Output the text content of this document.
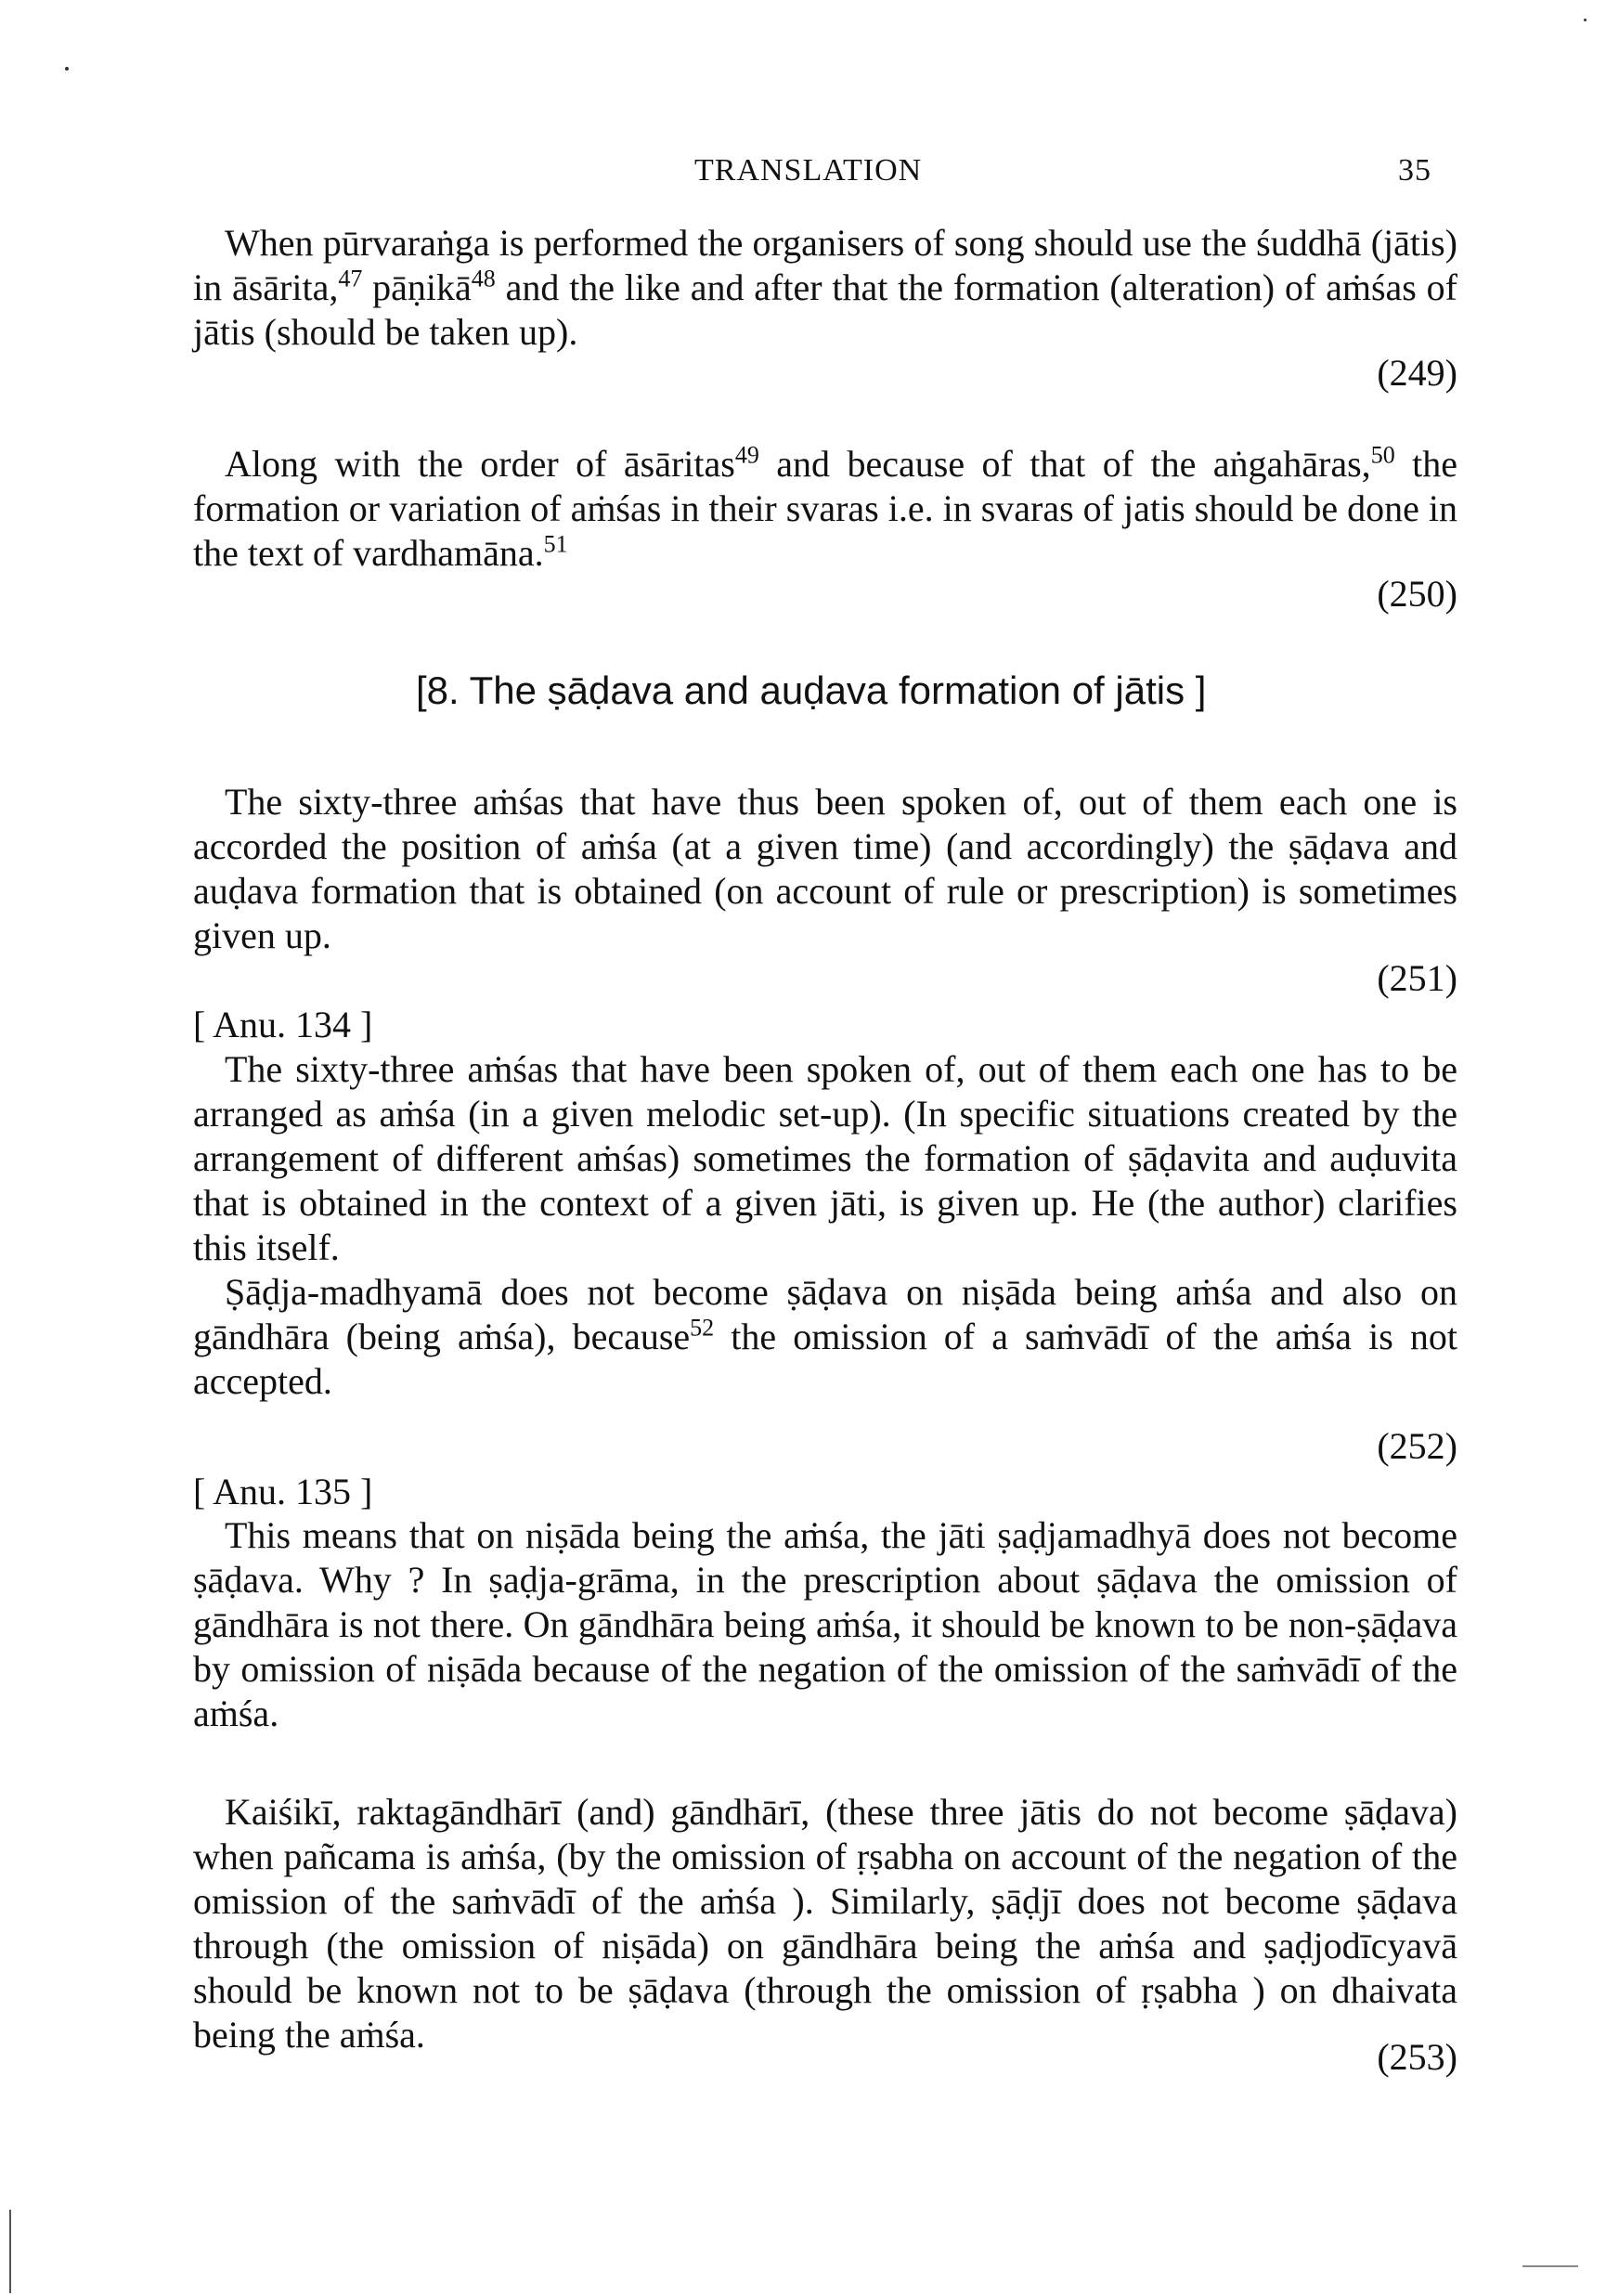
TRANSLATION	35

When pūrvaraṅga is performed the organisers of song should use the śuddhā (jātis) in āsārita,$^{47}$ pāṇikā$^{48}$ and the like and after that the formation (alteration) of aṁśas of jātis (should be taken up).

(249)

Along with the order of āsāritas$^{49}$ and because of that of the aṅgahāras,$^{50}$ the formation or variation of aṁśas in their svaras i.e. in svaras of jatis should be done in the text of vardhamāna.$^{51}$

(250)
[8. The ṣāḍava and auḍava formation of jātis ]

The sixty-three aṁśas that have thus been spoken of, out of them each one is accorded the position of aṁśa (at a given time) (and accordingly) the ṣāḍava and auḍava formation that is obtained (on account of rule or prescription) is sometimes given up.

(251)
[ Anu. 134 ]

The sixty-three aṁśas that have been spoken of, out of them each one has to be arranged as aṁśa (in a given melodic set-up). (In specific situations created by the arrangement of different aṁśas) sometimes the formation of ṣāḍavita and auḍuvita that is obtained in the context of a given jāti, is given up. He (the author) clarifies this itself.

Ṣāḍja-madhyamā does not become ṣāḍava on niṣāda being aṁśa and also on gāndhāra (being aṁśa), because$^{52}$ the omission of a saṁvādī of the aṁśa is not accepted.

(252)
[ Anu. 135 ]

This means that on niṣāda being the aṁśa, the jāti ṣaḍjamadhyā does not become ṣāḍava. Why ? In ṣaḍja-grāma, in the prescription about ṣāḍava the omission of gāndhāra is not there. On gāndhāra being aṁśa, it should be known to be non-ṣāḍava by omission of niṣāda because of the negation of the omission of the saṁvādī of the aṁśa.

Kaiśikī, raktagāndhārī (and) gāndhārī, (these three jātis do not become ṣāḍava) when pañcama is aṁśa, (by the omission of ṛṣabha on account of the negation of the omission of the saṁvādī of the aṁśa ). Similarly, ṣāḍjī does not become ṣāḍava through (the omission of niṣāda) on gāndhāra being the aṁśa and ṣaḍjodīcyavā should be known not to be ṣāḍava (through the omission of ṛṣabha ) on dhaivata being the aṁśa.

(253)
